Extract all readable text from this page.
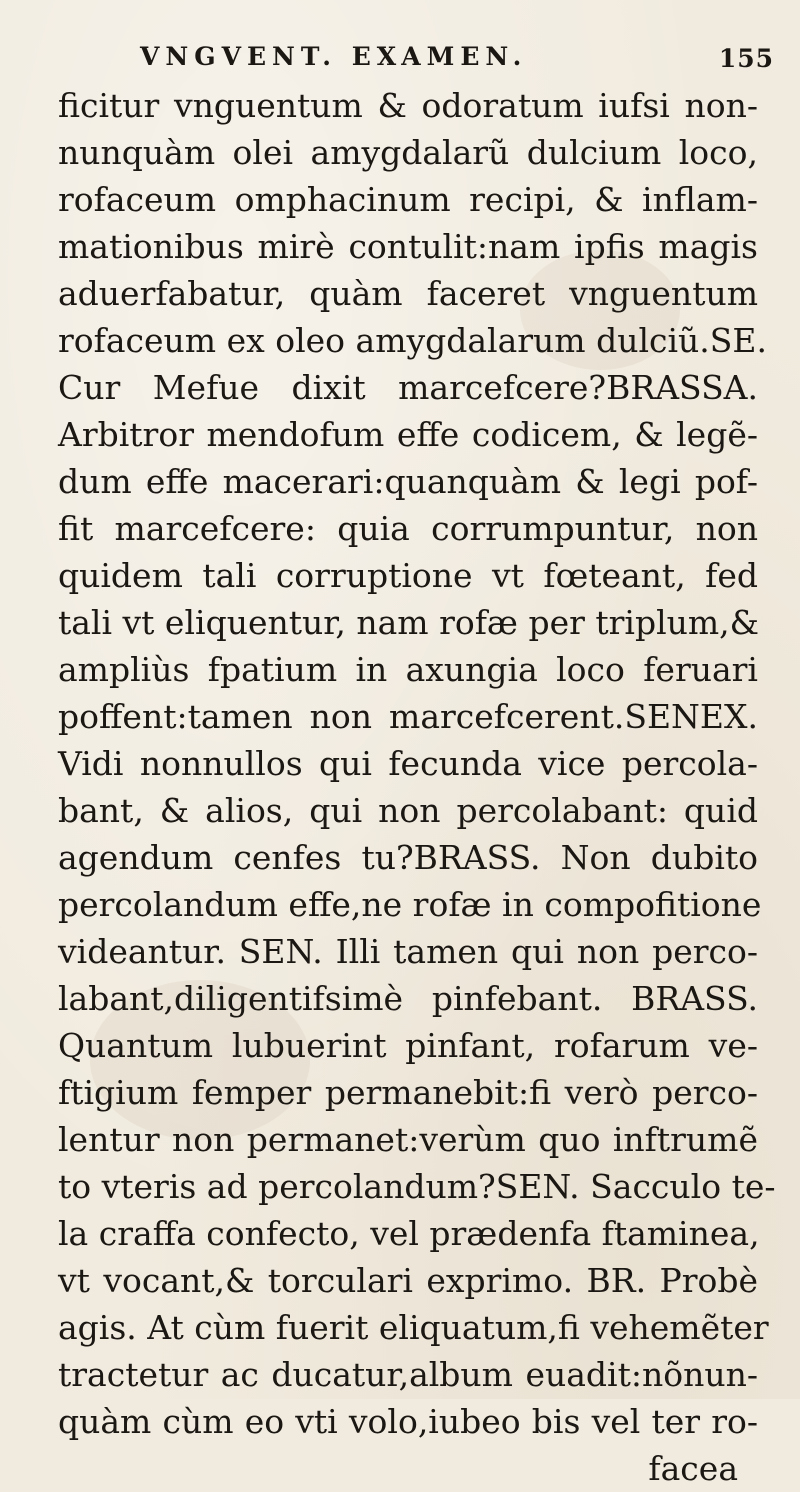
VNGVENT. EXAMEN.	155
ficitur vnguentum & odoratum iufsi non-
nunquàm olei amygdalarũ dulcium loco,
rofaceum omphacinum recipi, & inflam-
mationibus mirè contulit:nam ipfis magis
aduerfabatur, quàm faceret vnguentum
rofaceum ex oleo amygdalarum dulciũ.SE.
Cur Mefue dixit marcefcere?BRASSA.
Arbitror mendofum effe codicem, & legẽ-
dum effe macerari:quanquàm & legi pof-
fit marcefcere: quia corrumpuntur, non
quidem tali corruptione vt fœteant, fed
tali vt eliquentur, nam rofæ per triplum,&
ampliùs fpatium in axungia loco feruari
poffent:tamen non marcefcerent.SENEX.
Vidi nonnullos qui fecunda vice percola-
bant, & alios, qui non percolabant: quid
agendum cenfes tu?BRASS. Non dubito
percolandum effe,ne rofæ in compofitione
videantur. SEN. Illi tamen qui non perco-
labant,diligentifsimè pinfebant. BRASS.
Quantum lubuerint pinfant, rofarum ve-
ftigium femper permanebit:fi verò perco-
lentur non permanet:verùm quo inftrumẽ
to vteris ad percolandum?SEN. Sacculo te-
la craffa confecto, vel prædenfa ftaminea,
vt vocant,& torculari exprimo. BR. Probè
agis. At cùm fuerit eliquatum,fi vehemẽter
tractetur ac ducatur,album euadit:nõnun-
quàm cùm eo vti volo,iubeo bis vel ter ro-
facea
